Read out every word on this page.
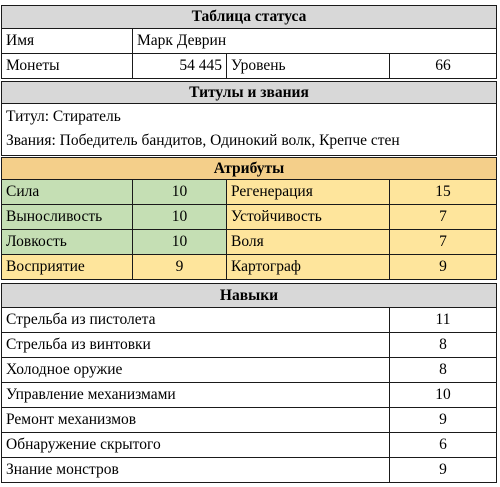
Таблица статуса
Имя	Марк Деврин
Монеты	54 445 Уровень	66
Титулы и звания
Титул: Стиратель
Звания: Победитель бандитов, Одинокий волк, Крепче стен
Атрибуты
Сила	10	Регенерация	15
Выносливость	10	Устойчивость	7
Ловкость	10	Воля	7
Восприятие	9	Картограф	9
Навыки
Стрельба из пистолета	11
Стрельба из винтовки	8
Холодное оружие	8
Управление механизмами	10
Ремонт механизмов	9
Обнаружение скрытого	6
Знание монстров	9
